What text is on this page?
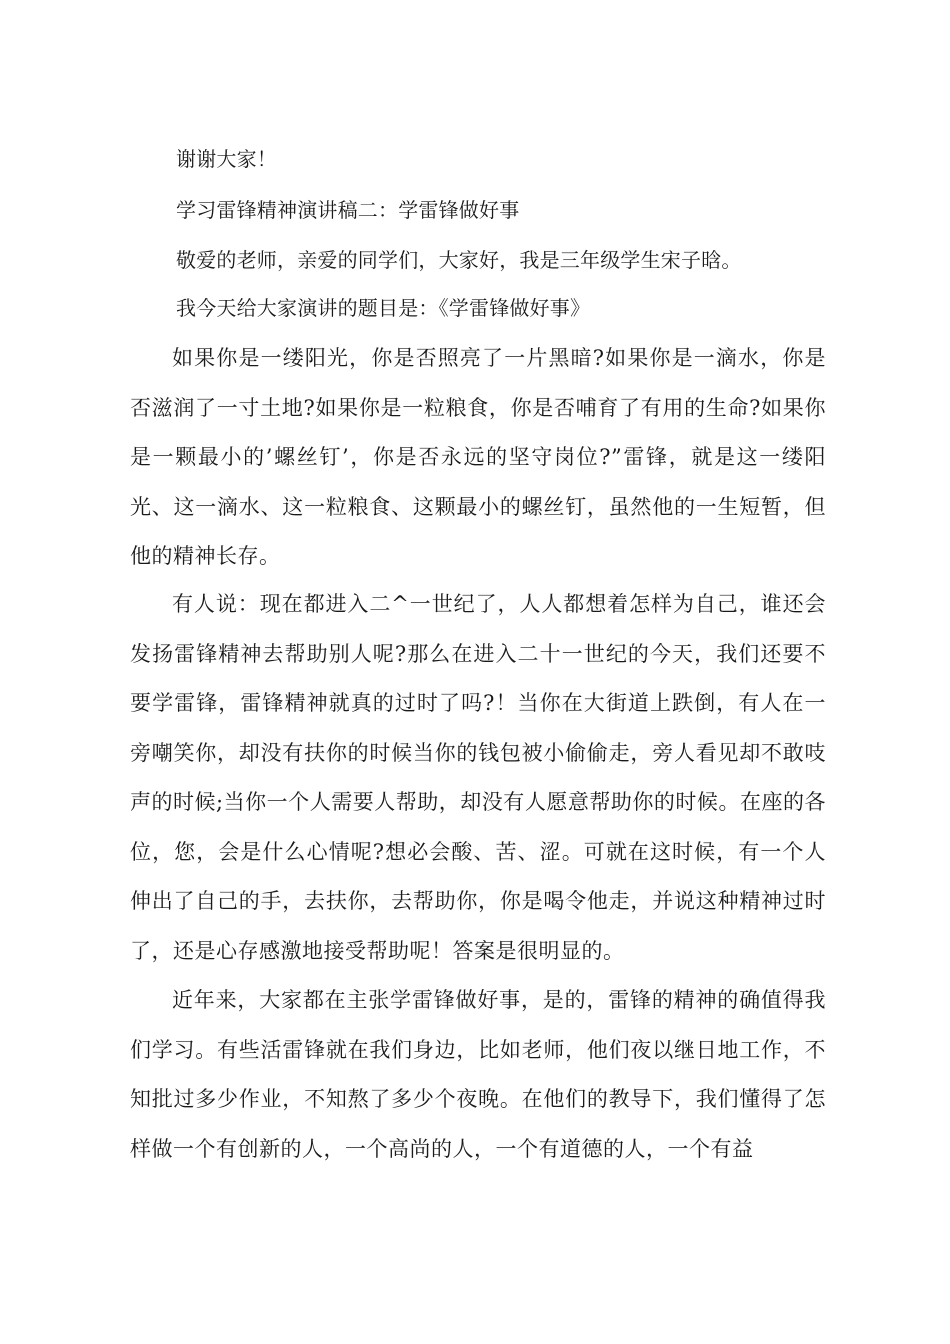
谢谢大家！

学习雷锋精神演讲稿二：学雷锋做好事

敬爱的老师，亲爱的同学们，大家好，我是三年级学生宋子晗。

我今天给大家演讲的题目是：《学雷锋做好事》

如果你是一缕阳光，你是否照亮了一片黑暗?如果你是一滴水，你是否滋润了一寸土地?如果你是一粒粮食，你是否哺育了有用的生命?如果你是一颗最小的’螺丝钉’，你是否永远的坚守岗位?”雷锋，就是这一缕阳光、这一滴水、这一粒粮食、这颗最小的螺丝钉，虽然他的一生短暂，但他的精神长存。

有人说：现在都进入二^一世纪了，人人都想着怎样为自己，谁还会发扬雷锋精神去帮助别人呢?那么在进入二十一世纪的今天，我们还要不要学雷锋，雷锋精神就真的过时了吗?！当你在大街道上跌倒，有人在一旁嘲笑你，却没有扶你的时候当你的钱包被小偷偷走，旁人看见却不敢吱声的时候;当你一个人需要人帮助，却没有人愿意帮助你的时候。在座的各位，您，会是什么心情呢?想必会酸、苦、涩。可就在这时候，有一个人伸出了自己的手，去扶你，去帮助你，你是喝令他走，并说这种精神过时了，还是心存感激地接受帮助呢！答案是很明显的。

近年来，大家都在主张学雷锋做好事，是的，雷锋的精神的确值得我们学习。有些活雷锋就在我们身边，比如老师，他们夜以继日地工作，不知批过多少作业，不知熬了多少个夜晚。在他们的教导下，我们懂得了怎样做一个有创新的人，一个高尚的人，一个有道德的人，一个有益
